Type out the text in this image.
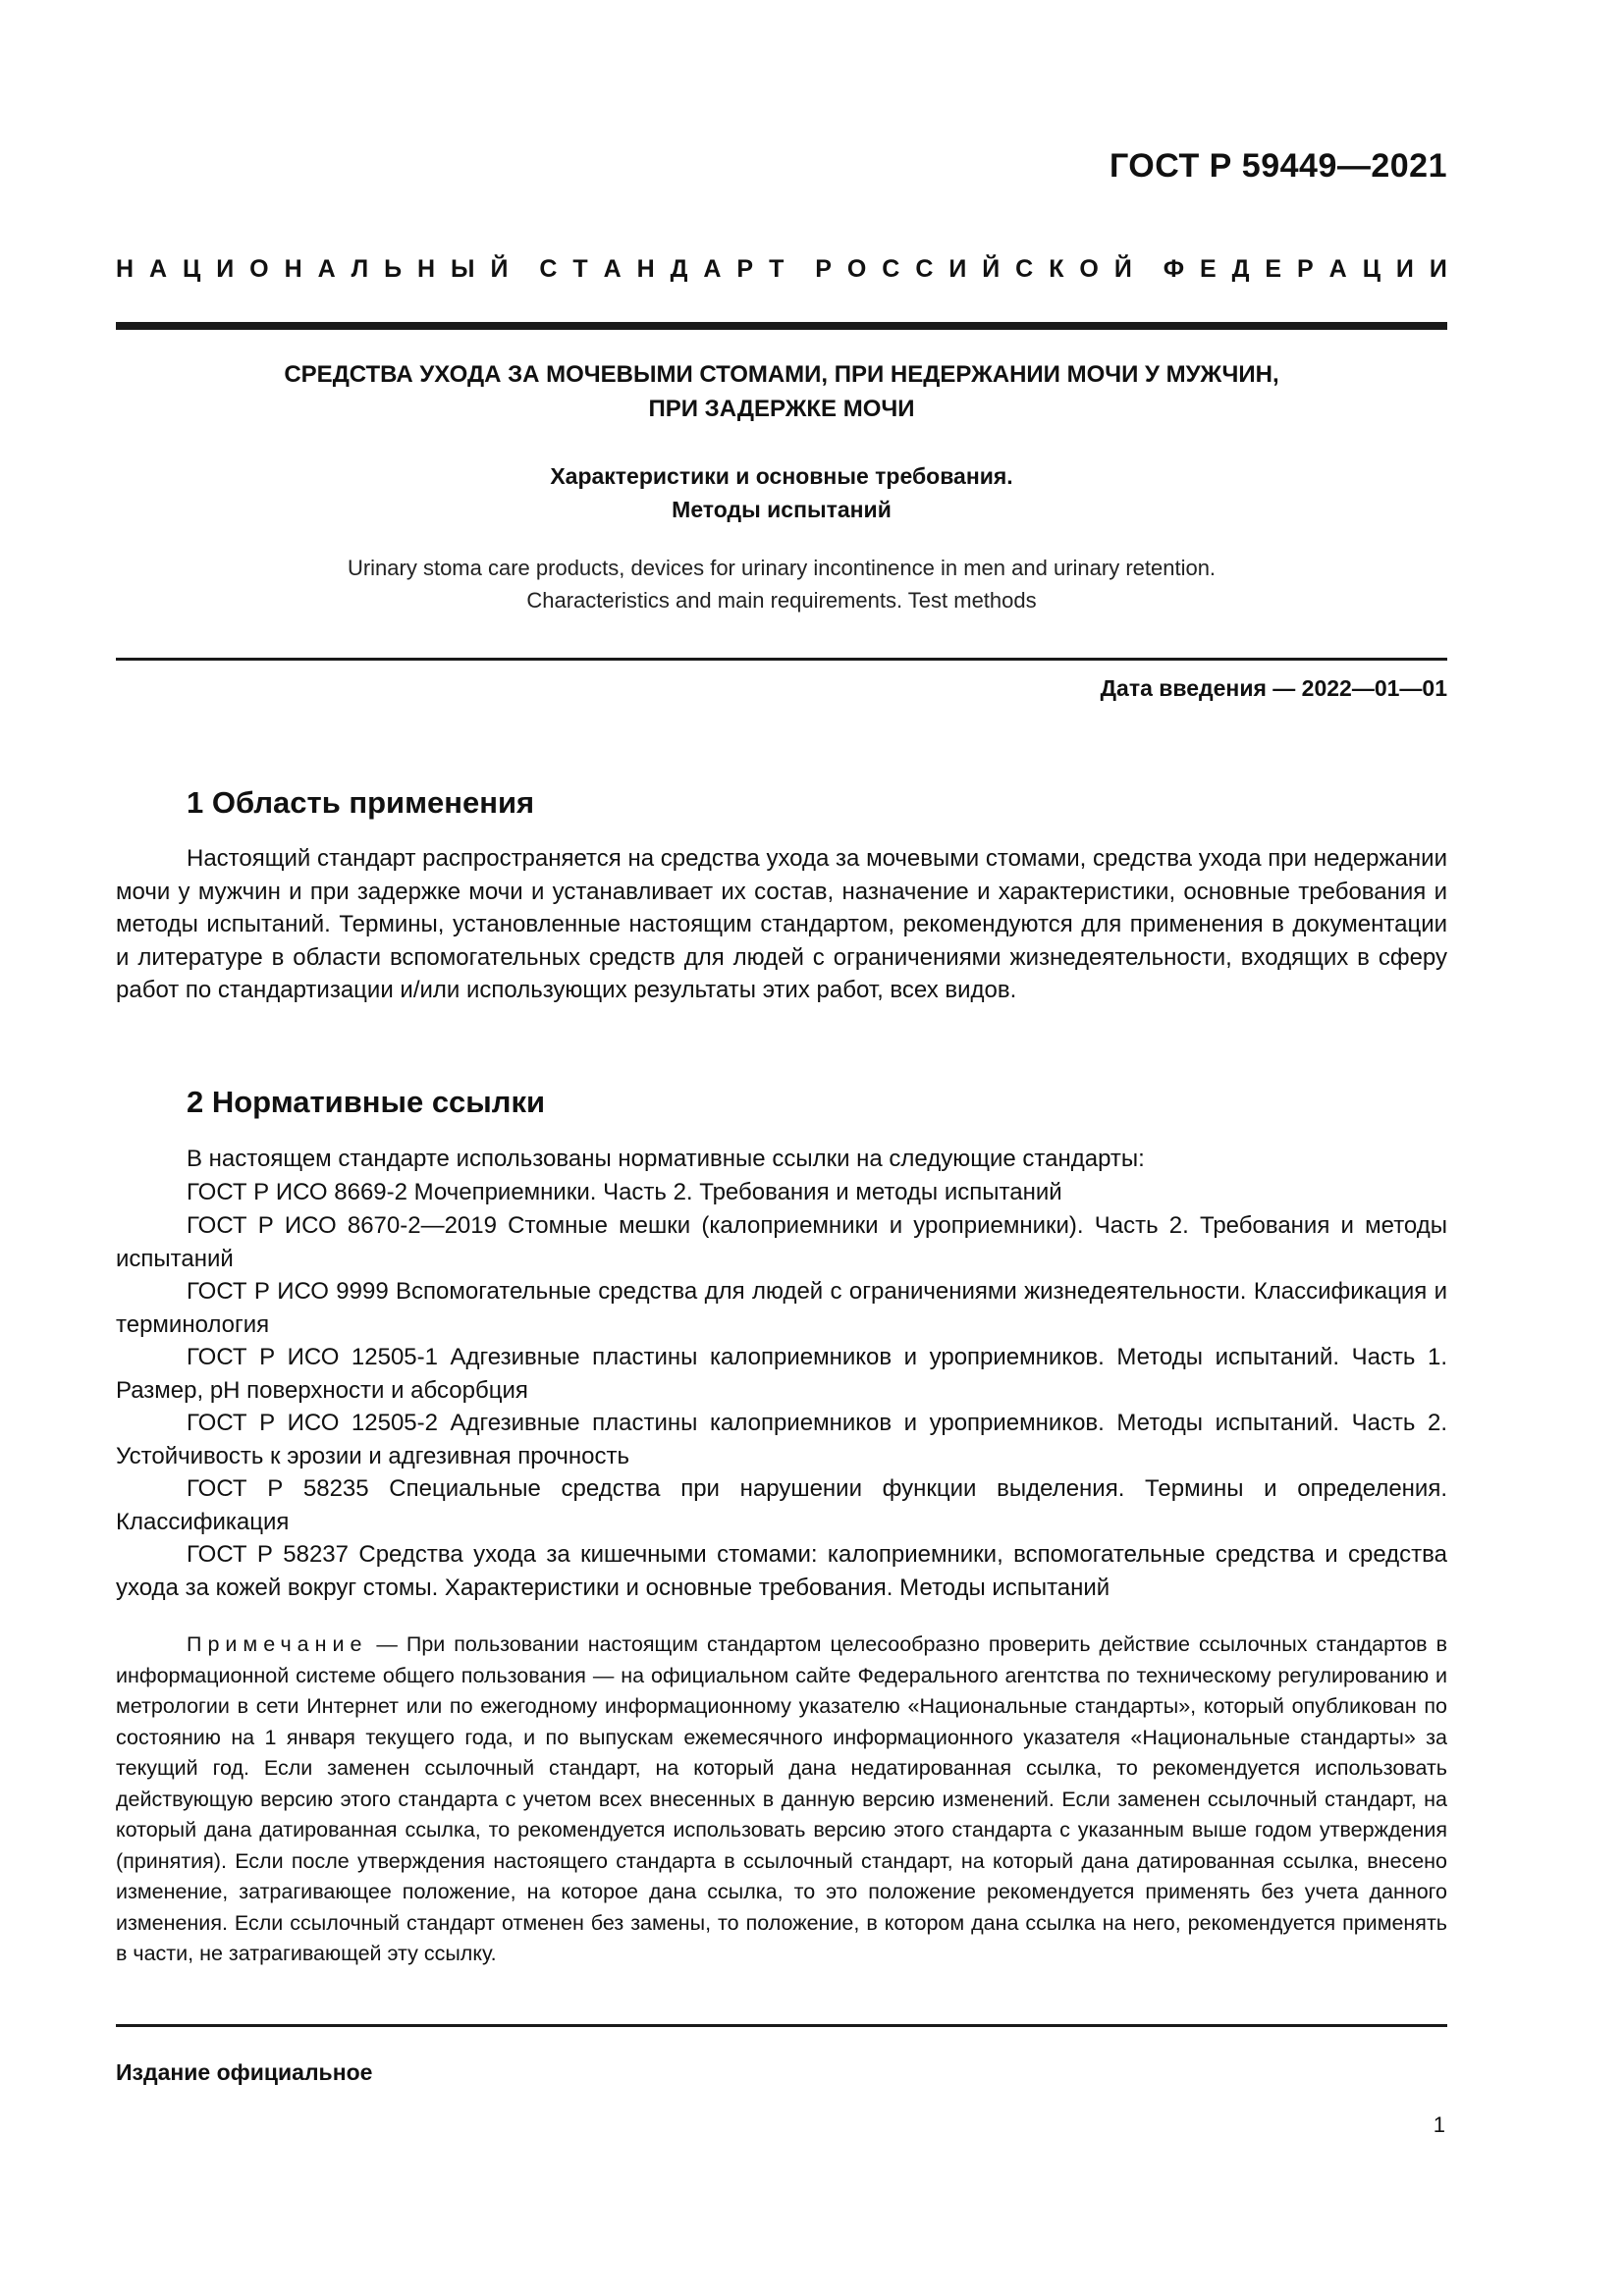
ГОСТ Р 59449—2021
Н А Ц И О Н А Л Ь Н Ы Й С Т А Н Д А Р Т Р О С С И Й С К О Й Ф Е Д Е Р А Ц И И
СРЕДСТВА УХОДА ЗА МОЧЕВЫМИ СТОМАМИ, ПРИ НЕДЕРЖАНИИ МОЧИ У МУЖЧИН,
ПРИ ЗАДЕРЖКЕ МОЧИ
Характеристики и основные требования.
Методы испытаний
Urinary stoma care products, devices for urinary incontinence in men and urinary retention.
Characteristics and main requirements. Test methods
Дата введения — 2022—01—01
1 Область применения

Настоящий стандарт распространяется на средства ухода за мочевыми стомами, средства ухода при недержании мочи у мужчин и при задержке мочи и устанавливает их состав, назначение и характеристики, основные требования и методы испытаний. Термины, установленные настоящим стандартом, рекомендуются для применения в документации и литературе в области вспомогательных средств для людей с ограничениями жизнедеятельности, входящих в сферу работ по стандартизации и/или использующих результаты этих работ, всех видов.

2 Нормативные ссылки

В настоящем стандарте использованы нормативные ссылки на следующие стандарты:

ГОСТ Р ИСО 8669-2 Мочеприемники. Часть 2. Требования и методы испытаний

ГОСТ Р ИСО 8670-2—2019 Стомные мешки (калоприемники и уроприемники). Часть 2. Требования и методы испытаний

ГОСТ Р ИСО 9999 Вспомогательные средства для людей с ограничениями жизнедеятельности. Классификация и терминология

ГОСТ Р ИСО 12505-1 Адгезивные пластины калоприемников и уроприемников. Методы испытаний. Часть 1. Размер, pH поверхности и абсорбция

ГОСТ Р ИСО 12505-2 Адгезивные пластины калоприемников и уроприемников. Методы испытаний. Часть 2. Устойчивость к эрозии и адгезивная прочность

ГОСТ Р 58235 Специальные средства при нарушении функции выделения. Термины и определения. Классификация

ГОСТ Р 58237 Средства ухода за кишечными стомами: калоприемники, вспомогательные средства и средства ухода за кожей вокруг стомы. Характеристики и основные требования. Методы испытаний

Примечание — При пользовании настоящим стандартом целесообразно проверить действие ссылочных стандартов в информационной системе общего пользования — на официальном сайте Федерального агентства по техническому регулированию и метрологии в сети Интернет или по ежегодному информационному указателю «Национальные стандарты», который опубликован по состоянию на 1 января текущего года, и по выпускам ежемесячного информационного указателя «Национальные стандарты» за текущий год. Если заменен ссылочный стандарт, на который дана недатированная ссылка, то рекомендуется использовать действующую версию этого стандарта с учетом всех внесенных в данную версию изменений. Если заменен ссылочный стандарт, на который дана датированная ссылка, то рекомендуется использовать версию этого стандарта с указанным выше годом утверждения (принятия). Если после утверждения настоящего стандарта в ссылочный стандарт, на который дана датированная ссылка, внесено изменение, затрагивающее положение, на которое дана ссылка, то это положение рекомендуется применять без учета данного изменения. Если ссылочный стандарт отменен без замены, то положение, в котором дана ссылка на него, рекомендуется применять в части, не затрагивающей эту ссылку.

Издание официальное
1
